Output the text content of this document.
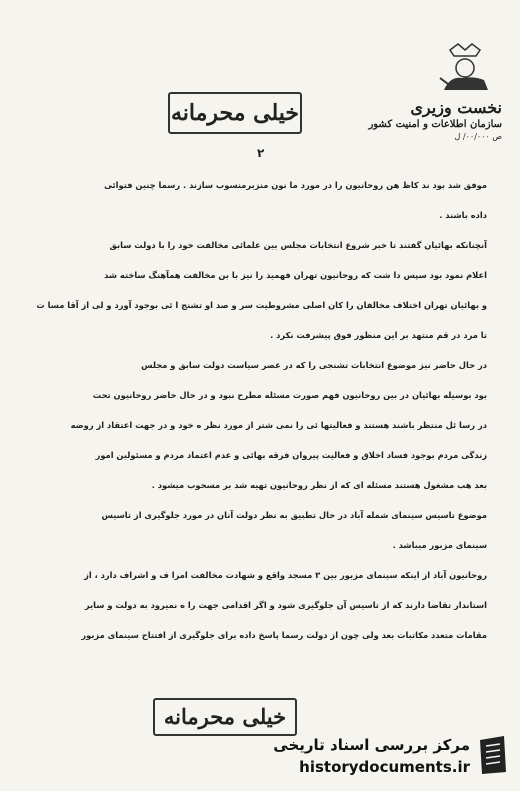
نخست وزیری
سازمان اطلاعات و امنیت کشور
ص ۰۰/۰۰۰/ ل
خیلی محرمانه
۲

موفق شد بود ند کاظ هن روحانیون را در مورد ما نون منزبرمنسوب سازند . رسما چنین فتوائی

داده باشند .

آنچنانکه بهائیان گفتند تا خبر شروع انتخابات مجلس بین علمائی مخالفت خود را با دولت سابق

اعلام نمود بود سپس دا شت که روحانیون تهران فهمید را نیز با بن مخالفت همآهنگ ساخته شد

و بهائیان تهران اختلاف مخالفان را کان اصلی مشروطیت سر و صد او تشنج ا ئی بوجود آورد و لی از آقا مسا ت

تا مرد در قم منتهد بر این منظور فوق پیشرفت نکرد .

در حال حاضر نیز موضوع انتخابات تشنجی را که در عصر سیاست دولت سابق و مجلس

بود بوسیله بهائیان در بین روحانیون فهم صورت مسئله مطرح نبود و در حال حاضر روحانیون تحت

در رسا ئل منتظر باشند هستند و فعالیتها ئی را نمی شتر از مورد نظر ه خود و در جهت اعتقاد از روضه

زندگی مردم بوجود فساد اخلاق و فعالیت پیروان فرقه بهائی و عدم اعتماد مردم و مسئولین امور

بعد هب مشغول هستند مسئله ای که از نظر روحانیون تهیه شد بر مسحوب میشود .

موضوع تاسیس سینمای شمله آباد در حال تطبیق به نظر دولت آنان در مورد جلوگیری از تاسیس

سینمای مزبور میباشد .

روحانیون آباد از اینکه سینمای مزبور بین ۳ مسجد واقع و شهادت مخالفت امرا ف و اشراف دارد ، از

استاندار تقاضا دارند که از تاسیس آن جلوگیری شود و اگر اقدامی جهت را ه نمیرود به دولت و سایر

مقامات متعدد مکاتبات بعد ولی چون از دولت رسما پاسخ داده برای جلوگیری از افتتاح سینمای مزبور

خیلی محرمانه
مرکز بررسی اسناد تاریخی
historydocuments.ir
